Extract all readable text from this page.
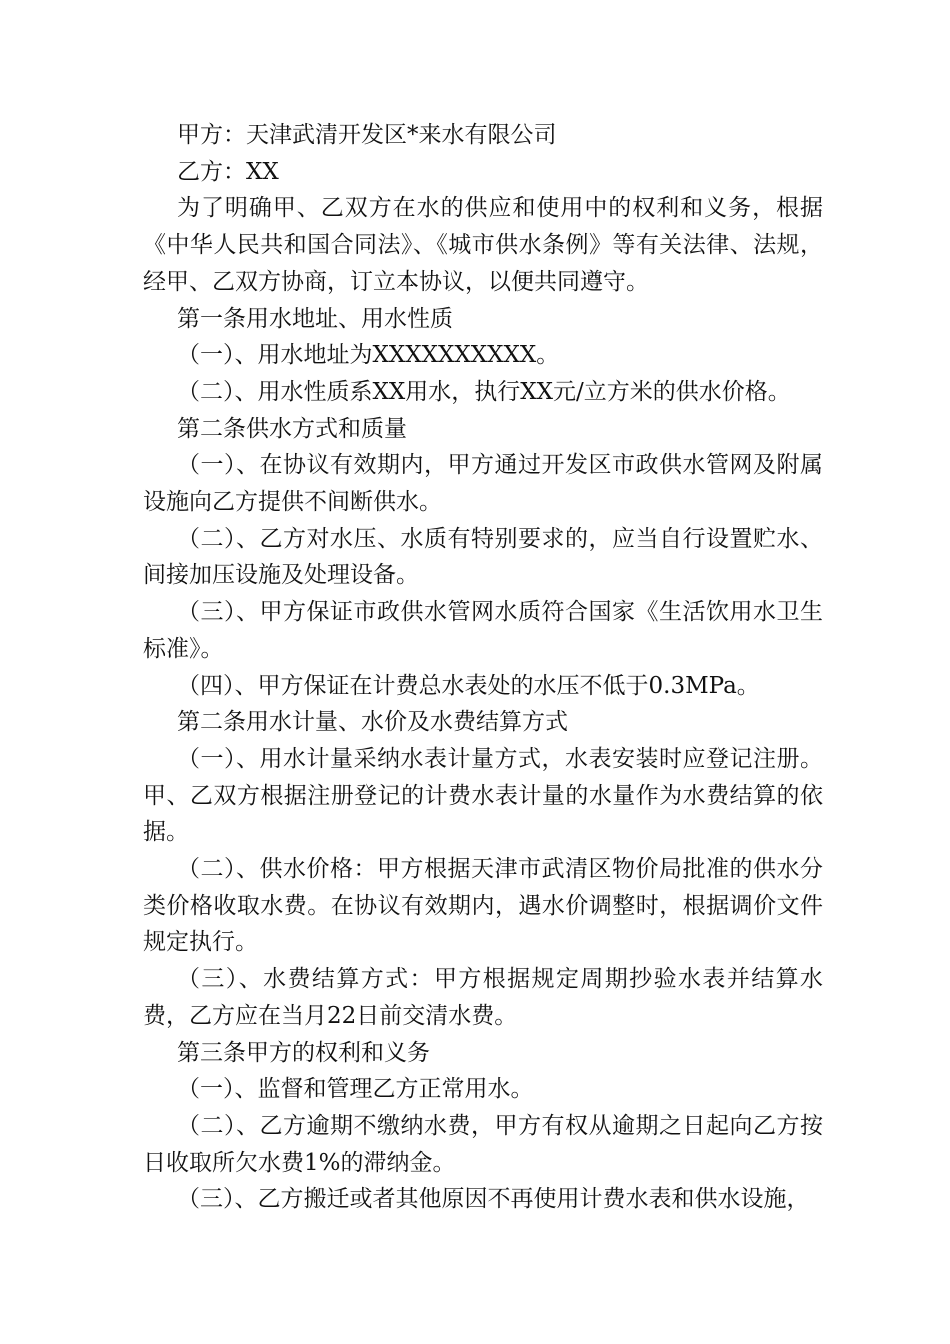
甲方：天津武清开发区*来水有限公司

乙方：XX

为了明确甲、乙双方在水的供应和使用中的权利和义务，根据《中华人民共和国合同法》、《城市供水条例》等有关法律、法规，经甲、乙双方协商，订立本协议，以便共同遵守。

第一条用水地址、用水性质

（一）、用水地址为XXXXXXXXXX。

（二）、用水性质系XX用水，执行XX元/立方米的供水价格。

第二条供水方式和质量

（一）、在协议有效期内，甲方通过开发区市政供水管网及附属设施向乙方提供不间断供水。

（二）、乙方对水压、水质有特别要求的，应当自行设置贮水、间接加压设施及处理设备。

（三）、甲方保证市政供水管网水质符合国家《生活饮用水卫生标准》。

（四）、甲方保证在计费总水表处的水压不低于0.3MPa。

第二条用水计量、水价及水费结算方式

（一）、用水计量采纳水表计量方式，水表安装时应登记注册。甲、乙双方根据注册登记的计费水表计量的水量作为水费结算的依据。

（二）、供水价格：甲方根据天津市武清区物价局批准的供水分类价格收取水费。在协议有效期内，遇水价调整时，根据调价文件规定执行。

（三）、水费结算方式：甲方根据规定周期抄验水表并结算水费，乙方应在当月22日前交清水费。

第三条甲方的权利和义务

（一）、监督和管理乙方正常用水。

（二）、乙方逾期不缴纳水费，甲方有权从逾期之日起向乙方按日收取所欠水费1%的滞纳金。

（三）、乙方搬迁或者其他原因不再使用计费水表和供水设施，
